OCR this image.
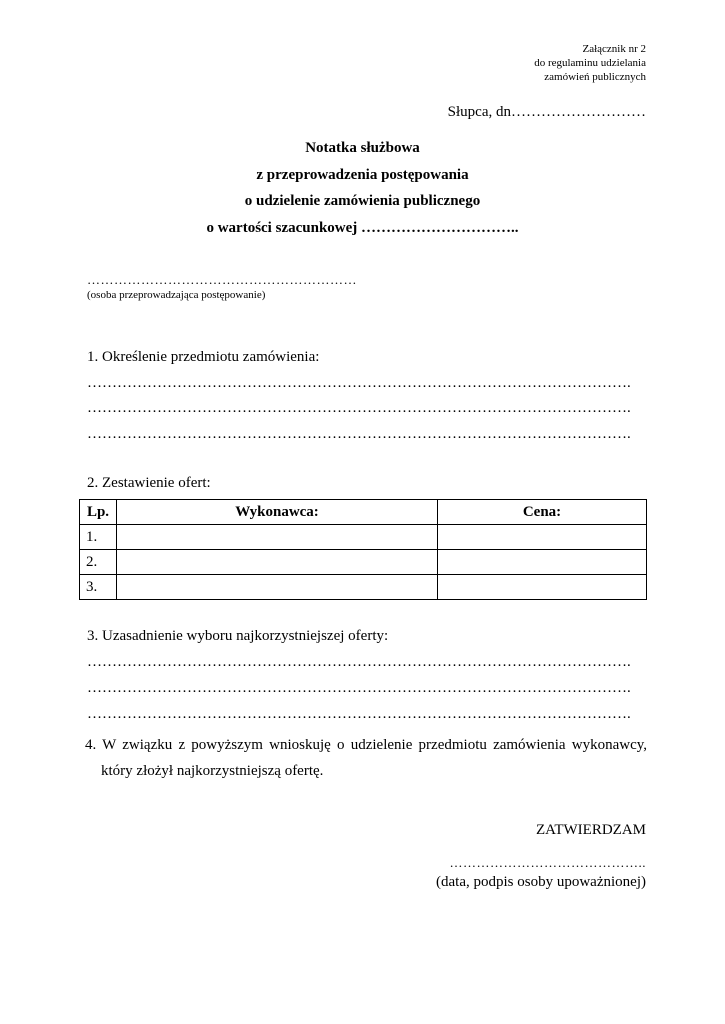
Załącznik nr 2
do regulaminu udzielania
zamówień publicznych
Słupca, dn………………………
Notatka służbowa
z przeprowadzenia postępowania
o udzielenie zamówienia publicznego
o wartości szacunkowej …………………………..
……………………………………………………
(osoba przeprowadzająca postępowanie)
1. Określenie przedmiotu zamówienia:
……………………………………………………………………………………………….
……………………………………………………………………………………………….
……………………………………………………………………………………………….
2. Zestawienie ofert:
Lp.	Wykonawca:	Cena:
1.		
2.		
3.		
3. Uzasadnienie wyboru najkorzystniejszej oferty:
……………………………………………………………………………………………….
……………………………………………………………………………………………….
……………………………………………………………………………………………….
4. W związku z powyższym wnioskuję o udzielenie przedmiotu zamówienia wykonawcy,
który złożył najkorzystniejszą ofertę.
ZATWIERDZAM
……………………………………..
(data, podpis osoby upoważnionej)
